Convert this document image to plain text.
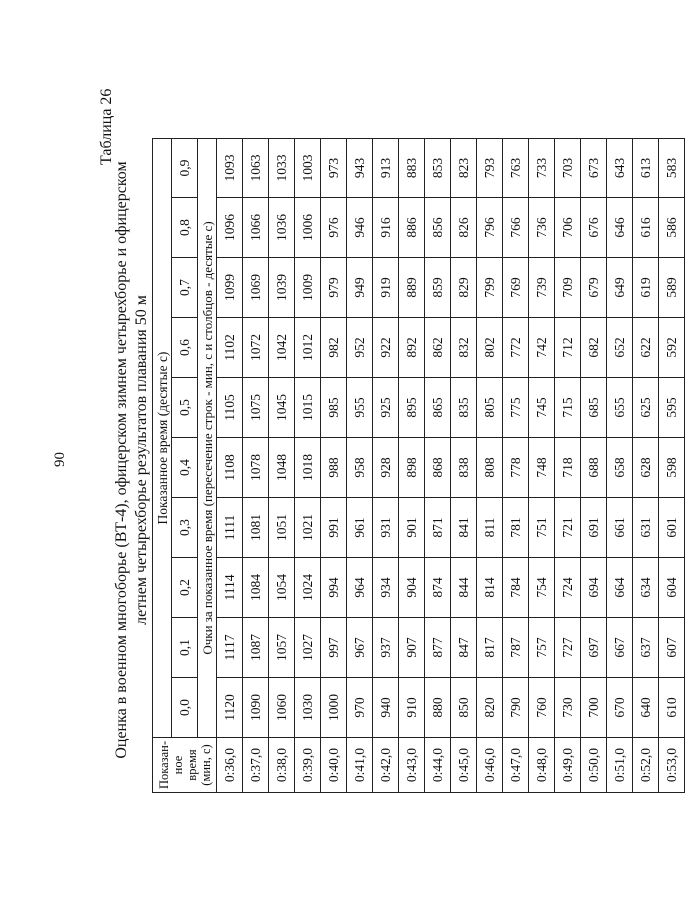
90
Таблица 26
Оценка в военном многоборье (ВТ-4), офицерском зимнем четырехборье и офицерском летнем четырехборье результатов плавания 50 м
Показан- ное время (мин, с)	Показанное время (десятые с)									
	0,0	0,1	0,2	0,3	0,4	0,5	0,6	0,7	0,8	0,9
	Очки за показанное время (пересечение строк - мин, с и столбцов - десятые с)									
0:36,0	1120	1117	1114	1111	1108	1105	1102	1099	1096	1093
0:37,0	1090	1087	1084	1081	1078	1075	1072	1069	1066	1063
0:38,0	1060	1057	1054	1051	1048	1045	1042	1039	1036	1033
0:39,0	1030	1027	1024	1021	1018	1015	1012	1009	1006	1003
0:40,0	1000	997	994	991	988	985	982	979	976	973
0:41,0	970	967	964	961	958	955	952	949	946	943
0:42,0	940	937	934	931	928	925	922	919	916	913
0:43,0	910	907	904	901	898	895	892	889	886	883
0:44,0	880	877	874	871	868	865	862	859	856	853
0:45,0	850	847	844	841	838	835	832	829	826	823
0:46,0	820	817	814	811	808	805	802	799	796	793
0:47,0	790	787	784	781	778	775	772	769	766	763
0:48,0	760	757	754	751	748	745	742	739	736	733
0:49,0	730	727	724	721	718	715	712	709	706	703
0:50,0	700	697	694	691	688	685	682	679	676	673
0:51,0	670	667	664	661	658	655	652	649	646	643
0:52,0	640	637	634	631	628	625	622	619	616	613
0:53,0	610	607	604	601	598	595	592	589	586	583
